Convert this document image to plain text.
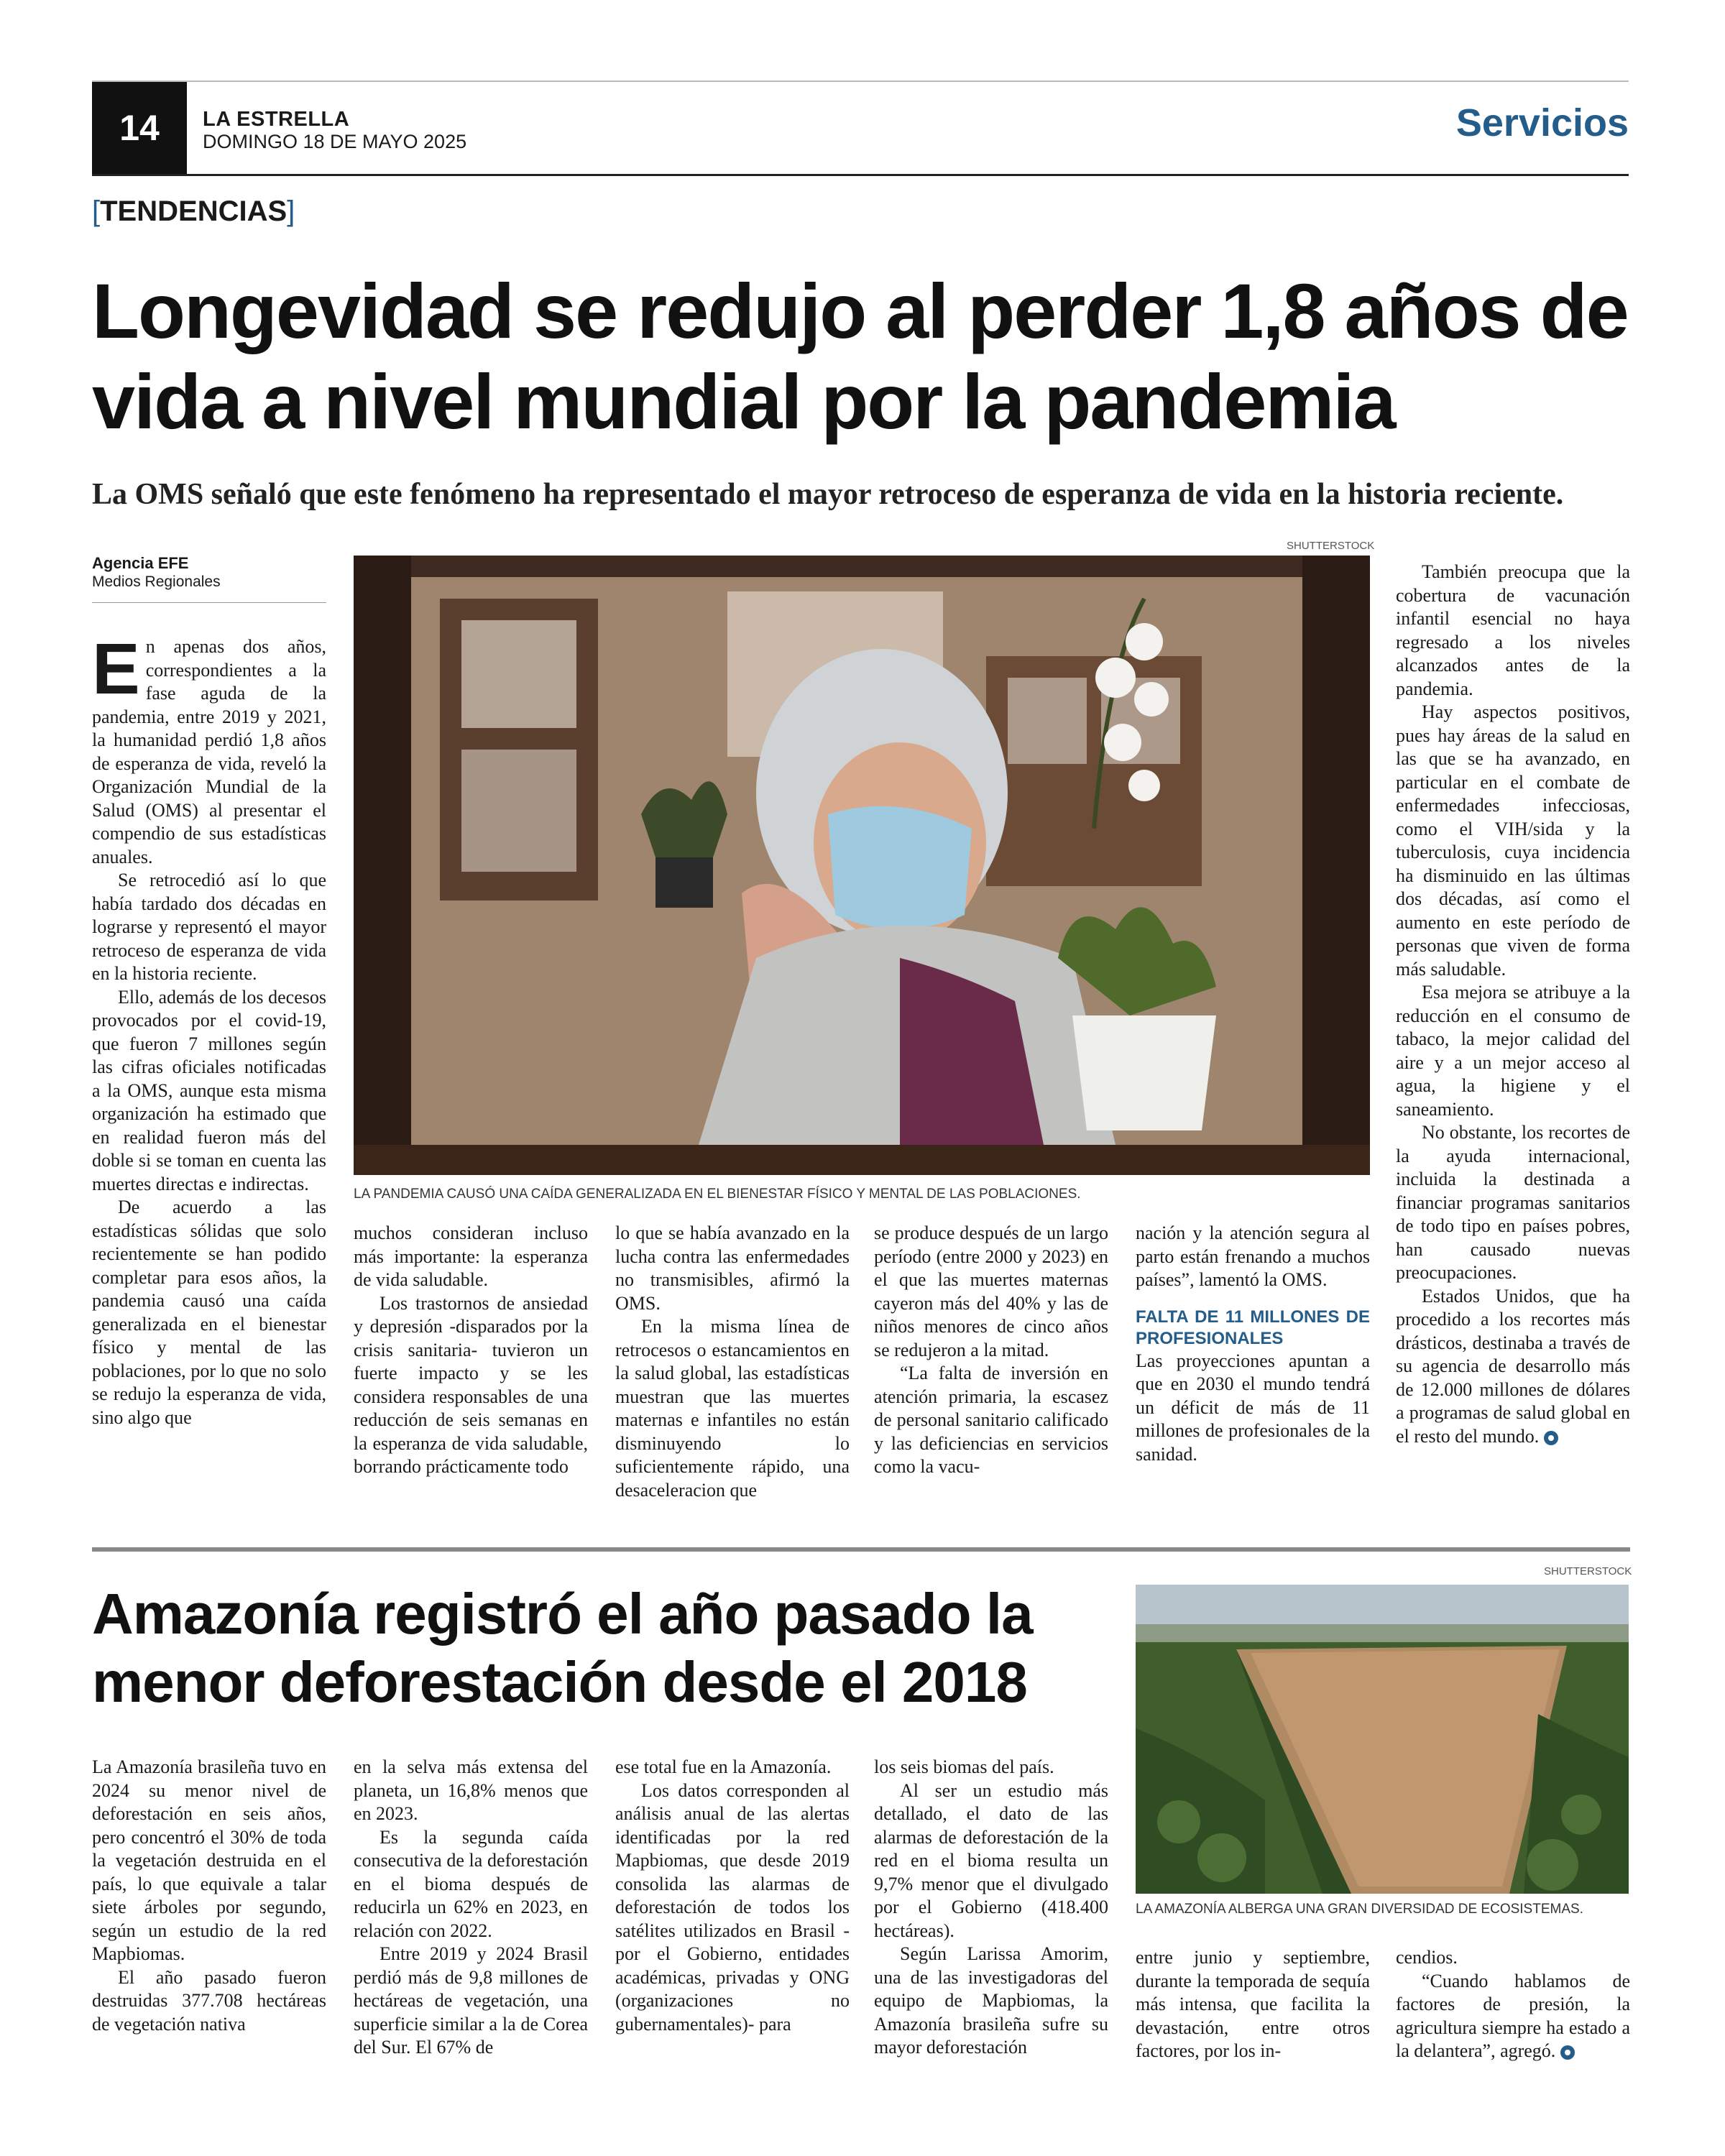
14	LA ESTRELLA
DOMINGO 18 DE MAYO 2025	Servicios
[TENDENCIAS]
Longevidad se redujo al perder 1,8 años de vida a nivel mundial por la pandemia
La OMS señaló que este fenómeno ha representado el mayor retroceso de esperanza de vida en la historia reciente.
Agencia EFE
Medios Regionales

En apenas dos años, correspondientes a la fase aguda de la pandemia, entre 2019 y 2021, la humanidad perdió 1,8 años de esperanza de vida, reveló la Organización Mundial de la Salud (OMS) al presentar el compendio de sus estadísticas anuales.

Se retrocedió así lo que había tardado dos décadas en lograrse y representó el mayor retroceso de esperanza de vida en la historia reciente.

Ello, además de los decesos provocados por el covid-19, que fueron 7 millones según las cifras oficiales notificadas a la OMS, aunque esta misma organización ha estimado que en realidad fueron más del doble si se toman en cuenta las muertes directas e indirectas.

De acuerdo a las estadísticas sólidas que solo recientemente se han podido completar para esos años, la pandemia causó una caída generalizada en el bienestar físico y mental de las poblaciones, por lo que no solo se redujo la esperanza de vida, sino algo que

SHUTTERSTOCK
LA PANDEMIA CAUSÓ UNA CAÍDA GENERALIZADA EN EL BIENESTAR FÍSICO Y MENTAL DE LAS POBLACIONES.

muchos consideran incluso más importante: la esperanza de vida saludable.

Los trastornos de ansiedad y depresión -disparados por la crisis sanitaria- tuvieron un fuerte impacto y se les considera responsables de una reducción de seis semanas en la esperanza de vida saludable, borrando prácticamente todo

lo que se había avanzado en la lucha contra las enfermedades no transmisibles, afirmó la OMS.

En la misma línea de retrocesos o estancamientos en la salud global, las estadísticas muestran que las muertes maternas e infantiles no están disminuyendo lo suficientemente rápido, una desaceleracion que

se produce después de un largo período (entre 2000 y 2023) en el que las muertes maternas cayeron más del 40% y las de niños menores de cinco años se redujeron a la mitad.

“La falta de inversión en atención primaria, la escasez de personal sanitario calificado y las deficiencias en servicios como la vacu-

nación y la atención segura al parto están frenando a muchos países”, lamentó la OMS.

FALTA DE 11 MILLONES DE PROFESIONALES

Las proyecciones apuntan a que en 2030 el mundo tendrá un déficit de más de 11 millones de profesionales de la sanidad.

También preocupa que la cobertura de vacunación infantil esencial no haya regresado a los niveles alcanzados antes de la pandemia.

Hay aspectos positivos, pues hay áreas de la salud en las que se ha avanzado, en particular en el combate de enfermedades infecciosas, como el VIH/sida y la tuberculosis, cuya incidencia ha disminuido en las últimas dos décadas, así como el aumento en este período de personas que viven de forma más saludable.

Esa mejora se atribuye a la reducción en el consumo de tabaco, la mejor calidad del aire y a un mejor acceso al agua, la higiene y el saneamiento.

No obstante, los recortes de la ayuda internacional, incluida la destinada a financiar programas sanitarios de todo tipo en países pobres, han causado nuevas preocupaciones.

Estados Unidos, que ha procedido a los recortes más drásticos, destinaba a través de su agencia de desarrollo más de 12.000 millones de dólares a programas de salud global en el resto del mundo.

SHUTTERSTOCK
Amazonía registró el año pasado la menor deforestación desde el 2018
LA AMAZONÍA ALBERGA UNA GRAN DIVERSIDAD DE ECOSISTEMAS.

La Amazonía brasileña tuvo en 2024 su menor nivel de deforestación en seis años, pero concentró el 30% de toda la vegetación destruida en el país, lo que equivale a talar siete árboles por segundo, según un estudio de la red Mapbiomas.

El año pasado fueron destruidas 377.708 hectáreas de vegetación nativa

en la selva más extensa del planeta, un 16,8% menos que en 2023.

Es la segunda caída consecutiva de la deforestación en el bioma después de reducirla un 62% en 2023, en relación con 2022.

Entre 2019 y 2024 Brasil perdió más de 9,8 millones de hectáreas de vegetación, una superficie similar a la de Corea del Sur. El 67% de

ese total fue en la Amazonía.

Los datos corresponden al análisis anual de las alertas identificadas por la red Mapbiomas, que desde 2019 consolida las alarmas de deforestación de todos los satélites utilizados en Brasil -por el Gobierno, entidades académicas, privadas y ONG (organizaciones no gubernamentales)- para

los seis biomas del país.

Al ser un estudio más detallado, el dato de las alarmas de deforestación de la red en el bioma resulta un 9,7% menor que el divulgado por el Gobierno (418.400 hectáreas).

Según Larissa Amorim, una de las investigadoras del equipo de Mapbiomas, la Amazonía brasileña sufre su mayor deforestación

entre junio y septiembre, durante la temporada de sequía más intensa, que facilita la devastación, entre otros factores, por los in-

cendios.

“Cuando hablamos de factores de presión, la agricultura siempre ha estado a la delantera”, agregó.
